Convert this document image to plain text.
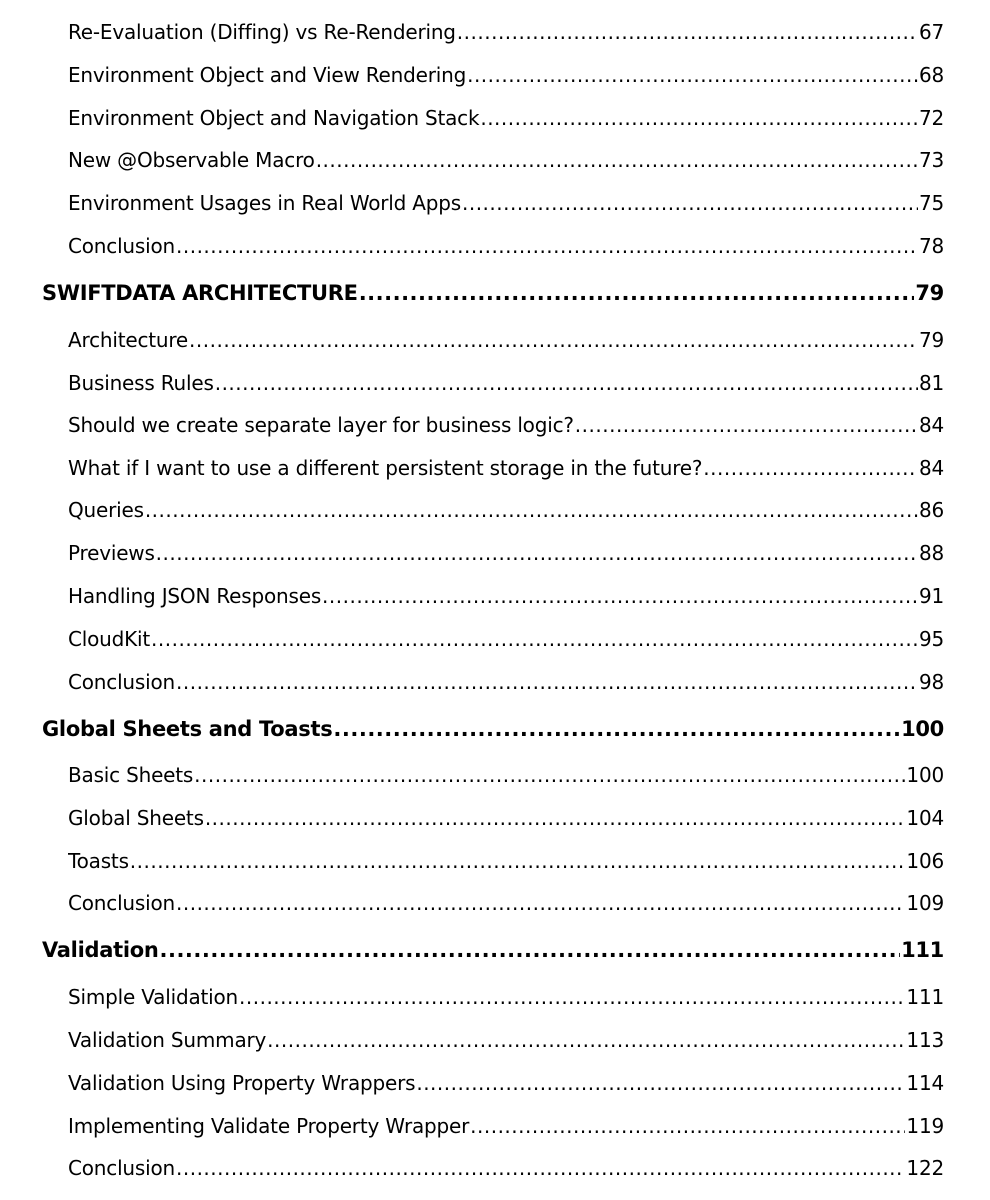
Re-Evaluation (Diffing) vs Re-Rendering .....	67
Environment Object and View Rendering .....	68
Environment Object and Navigation Stack .....	72
New @Observable Macro .....	73
Environment Usages in Real World Apps .....	75
Conclusion .....	78
SWIFTDATA ARCHITECTURE .....	79
Architecture .....	79
Business Rules .....	81
Should we create separate layer for business logic? .....	84
What if I want to use a different persistent storage in the future? .....	84
Queries .....	86
Previews .....	88
Handling JSON Responses .....	91
CloudKit .....	95
Conclusion .....	98
Global Sheets and Toasts .....	100
Basic Sheets .....	100
Global Sheets .....	104
Toasts .....	106
Conclusion .....	109
Validation .....	111
Simple Validation .....	111
Validation Summary .....	113
Validation Using Property Wrappers .....	114
Implementing Validate Property Wrapper .....	119
Conclusion .....	122
